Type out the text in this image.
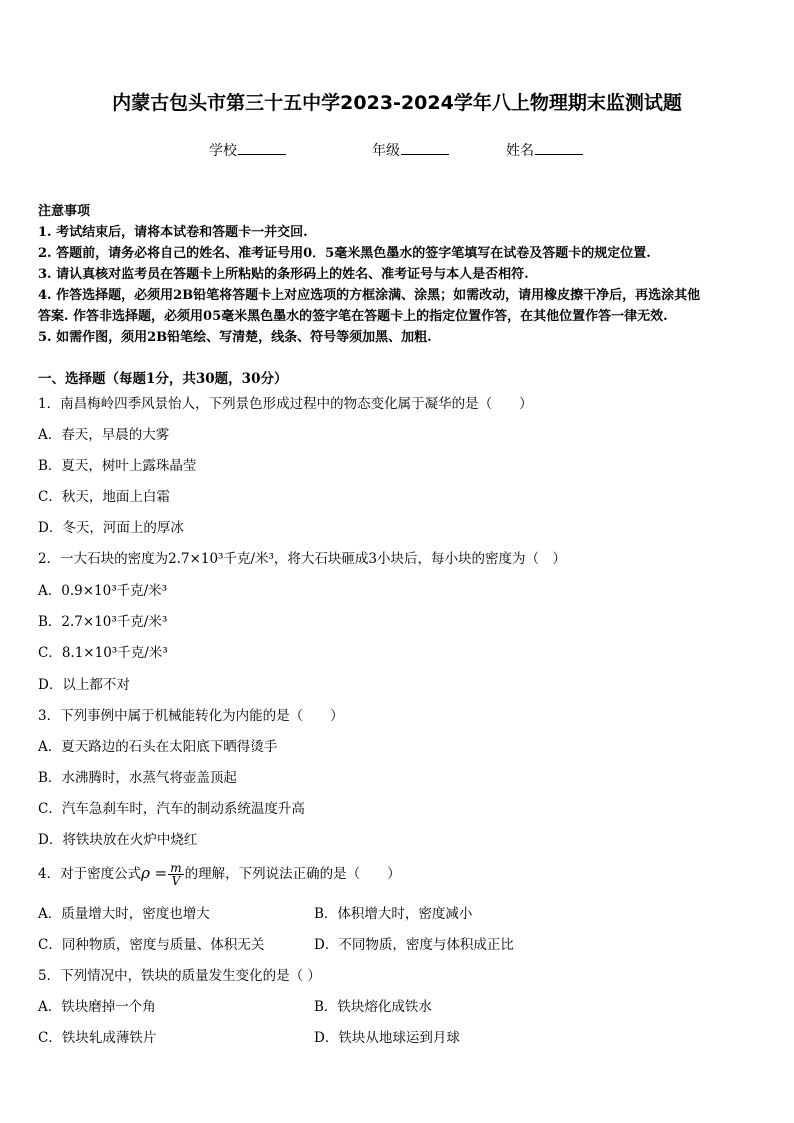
内蒙古包头市第三十五中学2023-2024学年八上物理期末监测试题
学校	年级	姓名
注意事项
1. 考试结束后，请将本试卷和答题卡一并交回.
2. 答题前，请务必将自己的姓名、准考证号用0．5毫米黑色墨水的签字笔填写在试卷及答题卡的规定位置.
3. 请认真核对监考员在答题卡上所粘贴的条形码上的姓名、准考证号与本人是否相符.
4. 作答选择题，必须用2B铅笔将答题卡上对应选项的方框涂满、涂黑；如需改动，请用橡皮擦干净后，再选涂其他
答案. 作答非选择题，必须用05毫米黑色墨水的签字笔在答题卡上的指定位置作答，在其他位置作答一律无效.
5. 如需作图，须用2B铅笔绘、写清楚，线条、符号等须加黑、加粗.
一、选择题（每题1分，共30题，30分）
1．南昌梅岭四季风景怡人，下列景色形成过程中的物态变化属于凝华的是（　　）
A．春天，早晨的大雾
B．夏天，树叶上露珠晶莹
C．秋天，地面上白霜
D．冬天，河面上的厚冰
2．一大石块的密度为2.7×10³千克/米³，将大石块砸成3小块后，每小块的密度为（　）
A．0.9×10³千克/米³
B．2.7×10³千克/米³
C．8.1×10³千克/米³
D．以上都不对
3．下列事例中属于机械能转化为内能的是（　　）
A．夏天路边的石头在太阳底下晒得烫手
B．水沸腾时，水蒸气将壶盖顶起
C．汽车急刹车时，汽车的制动系统温度升高
D．将铁块放在火炉中烧红
4．对于密度公式$\rho = \frac{m}{V}$ 的理解，下列说法正确的是（　　）
A．质量增大时，密度也增大	B．体积增大时，密度减小
C．同种物质，密度与质量、体积无关	D．不同物质，密度与体积成正比
5．下列情况中，铁块的质量发生变化的是（ ）
A．铁块磨掉一个角	B．铁块熔化成铁水
C．铁块轧成薄铁片	D．铁块从地球运到月球
